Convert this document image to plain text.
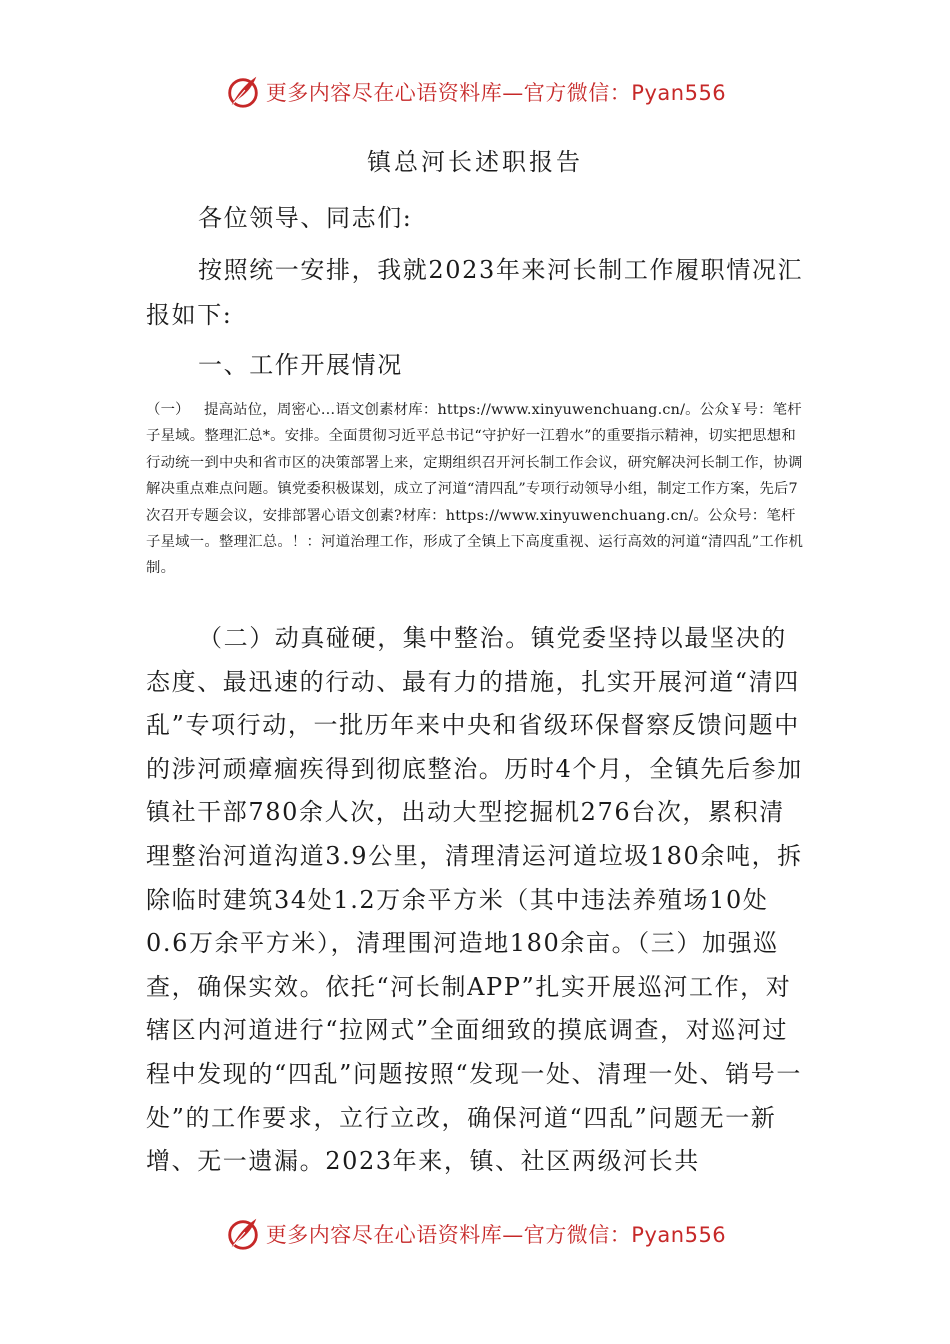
更多内容尽在心语资料库—官方微信：Pyan556
镇总河长述职报告

各位领导、同志们:

按照统一安排，我就2023年来河长制工作履职情况汇报如下:

一、工作开展情况

（一） 提高站位，周密心…语文创素材库：https://www.xinyuwenchuang.cn/。公众￥号：笔杆子星域。整理汇总*。安排。全面贯彻习近平总书记“守护好一江碧水”的重要指示精神，切实把思想和行动统一到中央和省市区的决策部署上来，定期组织召开河长制工作会议，研究解决河长制工作，协调解决重点难点问题。镇党委积极谋划，成立了河道“清四乱”专项行动领导小组，制定工作方案，先后7次召开专题会议，安排部署心语文创素?材库：https://www.xinyuwenchuang.cn/。公众号：笔杆子星域一。整理汇总。！：河道治理工作，形成了全镇上下高度重视、运行高效的河道“清四乱”工作机制。

（二）动真碰硬，集中整治。镇党委坚持以最坚决的态度、最迅速的行动、最有力的措施，扎实开展河道“清四乱”专项行动，一批历年来中央和省级环保督察反馈问题中的涉河顽瘴痼疾得到彻底整治。历时4个月，全镇先后参加镇社干部780余人次，出动大型挖掘机276台次，累积清理整治河道沟道3.9公里，清理清运河道垃圾180余吨，拆除临时建筑34处1.2万余平方米（其中违法养殖场10处0.6万余平方米），清理围河造地180余亩。（三）加强巡查，确保实效。依托“河长制APP”扎实开展巡河工作，对辖区内河道进行“拉网式”全面细致的摸底调查，对巡河过程中发现的“四乱”问题按照“发现一处、清理一处、销号一处”的工作要求，立行立改，确保河道“四乱”问题无一新增、无一遗漏。2023年来，镇、社区两级河长共

更多内容尽在心语资料库—官方微信：Pyan556
